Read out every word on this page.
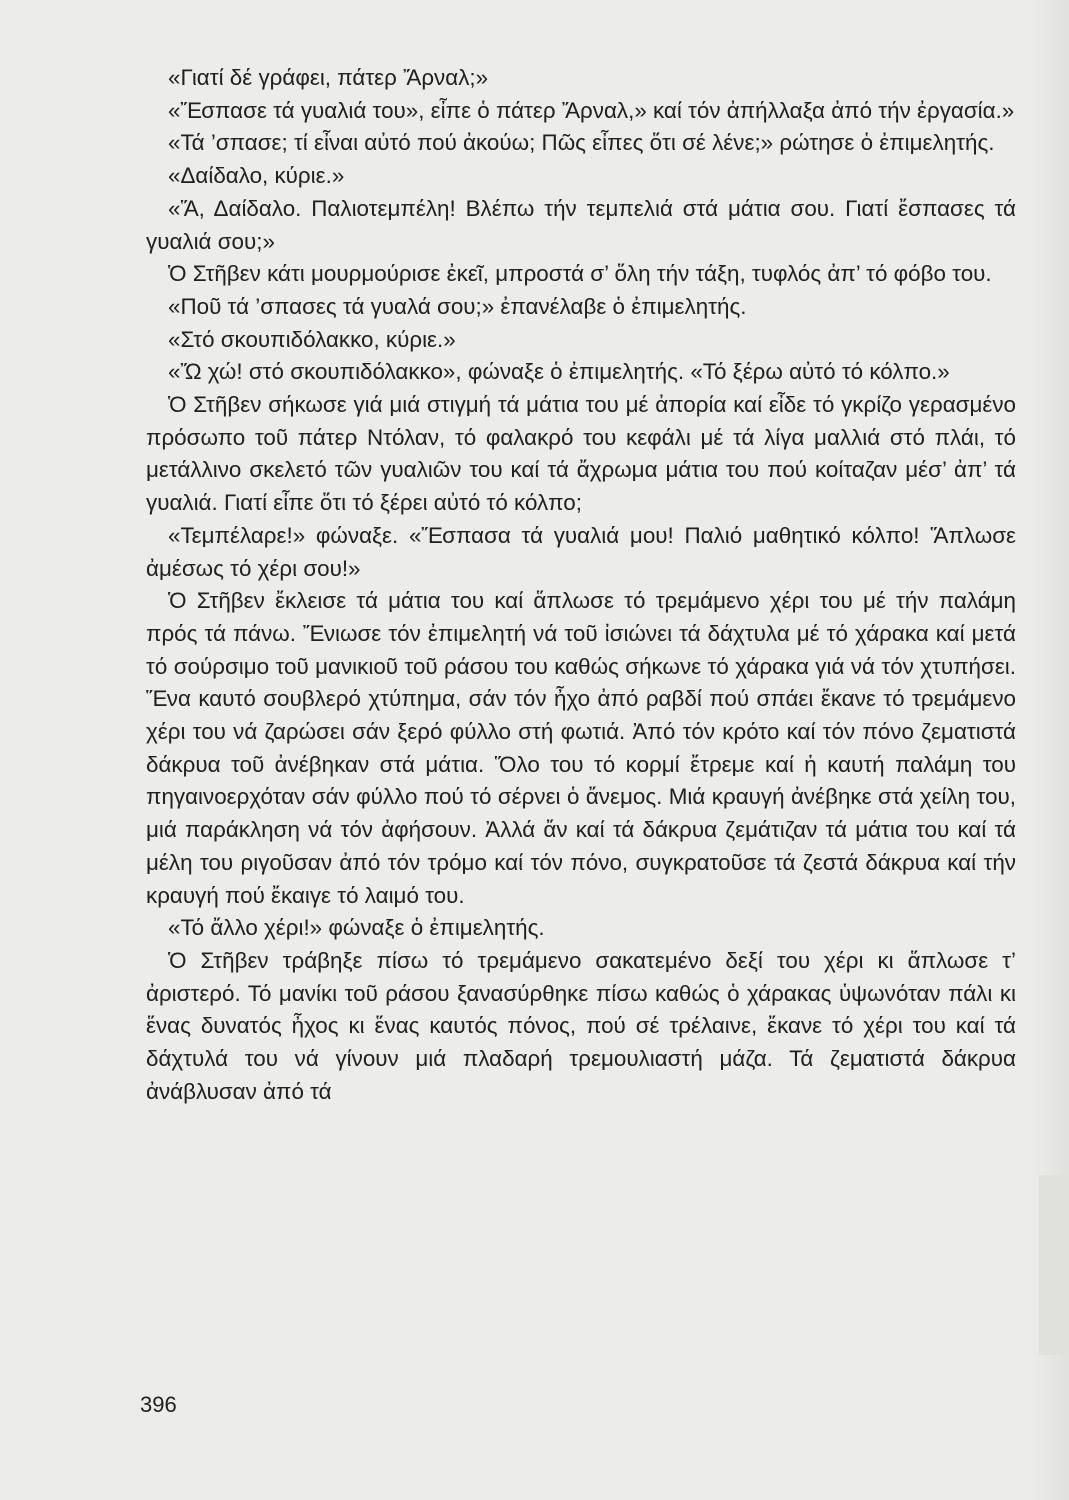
«Γιατί δέ γράφει, πάτερ Ἄρναλ;»

«Ἔσπασε τά γυαλιά του», εἶπε ὁ πάτερ Ἄρναλ,» καί τόν ἀπήλλαξα ἀπό τήν ἐργασία.»

«Τά ’σπασε; τί εἶναι αὐτό πού ἀκούω; Πῶς εἶπες ὅτι σέ λένε;» ρώτησε ὁ ἐπιμελητής.

«Δαίδαλο, κύριε.»

«Ἅ, Δαίδαλο. Παλιοτεμπέλη! Βλέπω τήν τεμπελιά στά μάτια σου. Γιατί ἔσπασες τά γυαλιά σου;»

Ὁ Στῆβεν κάτι μουρμούρισε ἐκεῖ, μπροστά σ’ ὅλη τήν τάξη, τυφλός ἀπ’ τό φόβο του.

«Ποῦ τά ’σπασες τά γυαλά σου;» ἐπανέλαβε ὁ ἐπιμελητής.

«Στό σκουπιδόλακκο, κύριε.»

«Ὤ χώ! στό σκουπιδόλακκο», φώναξε ὁ ἐπιμελητής. «Τό ξέρω αὐτό τό κόλπο.»

Ὁ Στῆβεν σήκωσε γιά μιά στιγμή τά μάτια του μέ ἀπορία καί εἶδε τό γκρίζο γερασμένο πρόσωπο τοῦ πάτερ Ντόλαν, τό φαλακρό του κεφάλι μέ τά λίγα μαλλιά στό πλάι, τό μετάλλινο σκελετό τῶν γυαλιῶν του καί τά ἄχρωμα μάτια του πού κοίταζαν μέσ’ ἀπ’ τά γυαλιά. Γιατί εἶπε ὅτι τό ξέρει αὐτό τό κόλπο;

«Τεμπέλαρε!» φώναξε. «Ἔσπασα τά γυαλιά μου! Παλιό μαθητικό κόλπο! Ἅπλωσε ἀμέσως τό χέρι σου!»

Ὁ Στῆβεν ἔκλεισε τά μάτια του καί ἅπλωσε τό τρεμάμενο χέρι του μέ τήν παλάμη πρός τά πάνω. Ἔνιωσε τόν ἐπιμελητή νά τοῦ ἰσιώνει τά δάχτυλα μέ τό χάρακα καί μετά τό σούρσιμο τοῦ μανικιοῦ τοῦ ράσου του καθώς σήκωνε τό χάρακα γιά νά τόν χτυπήσει. Ἕνα καυτό σουβλερό χτύπημα, σάν τόν ἦχο ἀπό ραβδί πού σπάει ἔκανε τό τρεμάμενο χέρι του νά ζαρώσει σάν ξερό φύλλο στή φωτιά. Ἀπό τόν κρότο καί τόν πόνο ζεματιστά δάκρυα τοῦ ἀνέβηκαν στά μάτια. Ὅλο του τό κορμί ἔτρεμε καί ἡ καυτή παλάμη του πηγαινοερχόταν σάν φύλλο πού τό σέρνει ὁ ἄνεμος. Μιά κραυγή ἀνέβηκε στά χείλη του, μιά παράκληση νά τόν ἀφήσουν. Ἀλλά ἄν καί τά δάκρυα ζεμάτιζαν τά μάτια του καί τά μέλη του ριγοῦσαν ἀπό τόν τρόμο καί τόν πόνο, συγκρατοῦσε τά ζεστά δάκρυα καί τήν κραυγή πού ἔκαιγε τό λαιμό του.

«Τό ἄλλο χέρι!» φώναξε ὁ ἐπιμελητής.

Ὁ Στῆβεν τράβηξε πίσω τό τρεμάμενο σακατεμένο δεξί του χέρι κι ἅπλωσε τ’ ἀριστερό. Τό μανίκι τοῦ ράσου ξανασύρθηκε πίσω καθώς ὁ χάρακας ὑψωνόταν πάλι κι ἕνας δυνατός ἦχος κι ἕνας καυτός πόνος, πού σέ τρέλαινε, ἔκανε τό χέρι του καί τά δάχτυλά του νά γίνουν μιά πλαδαρή τρεμουλιαστή μάζα. Τά ζεματιστά δάκρυα ἀνάβλυσαν ἀπό τά

396
